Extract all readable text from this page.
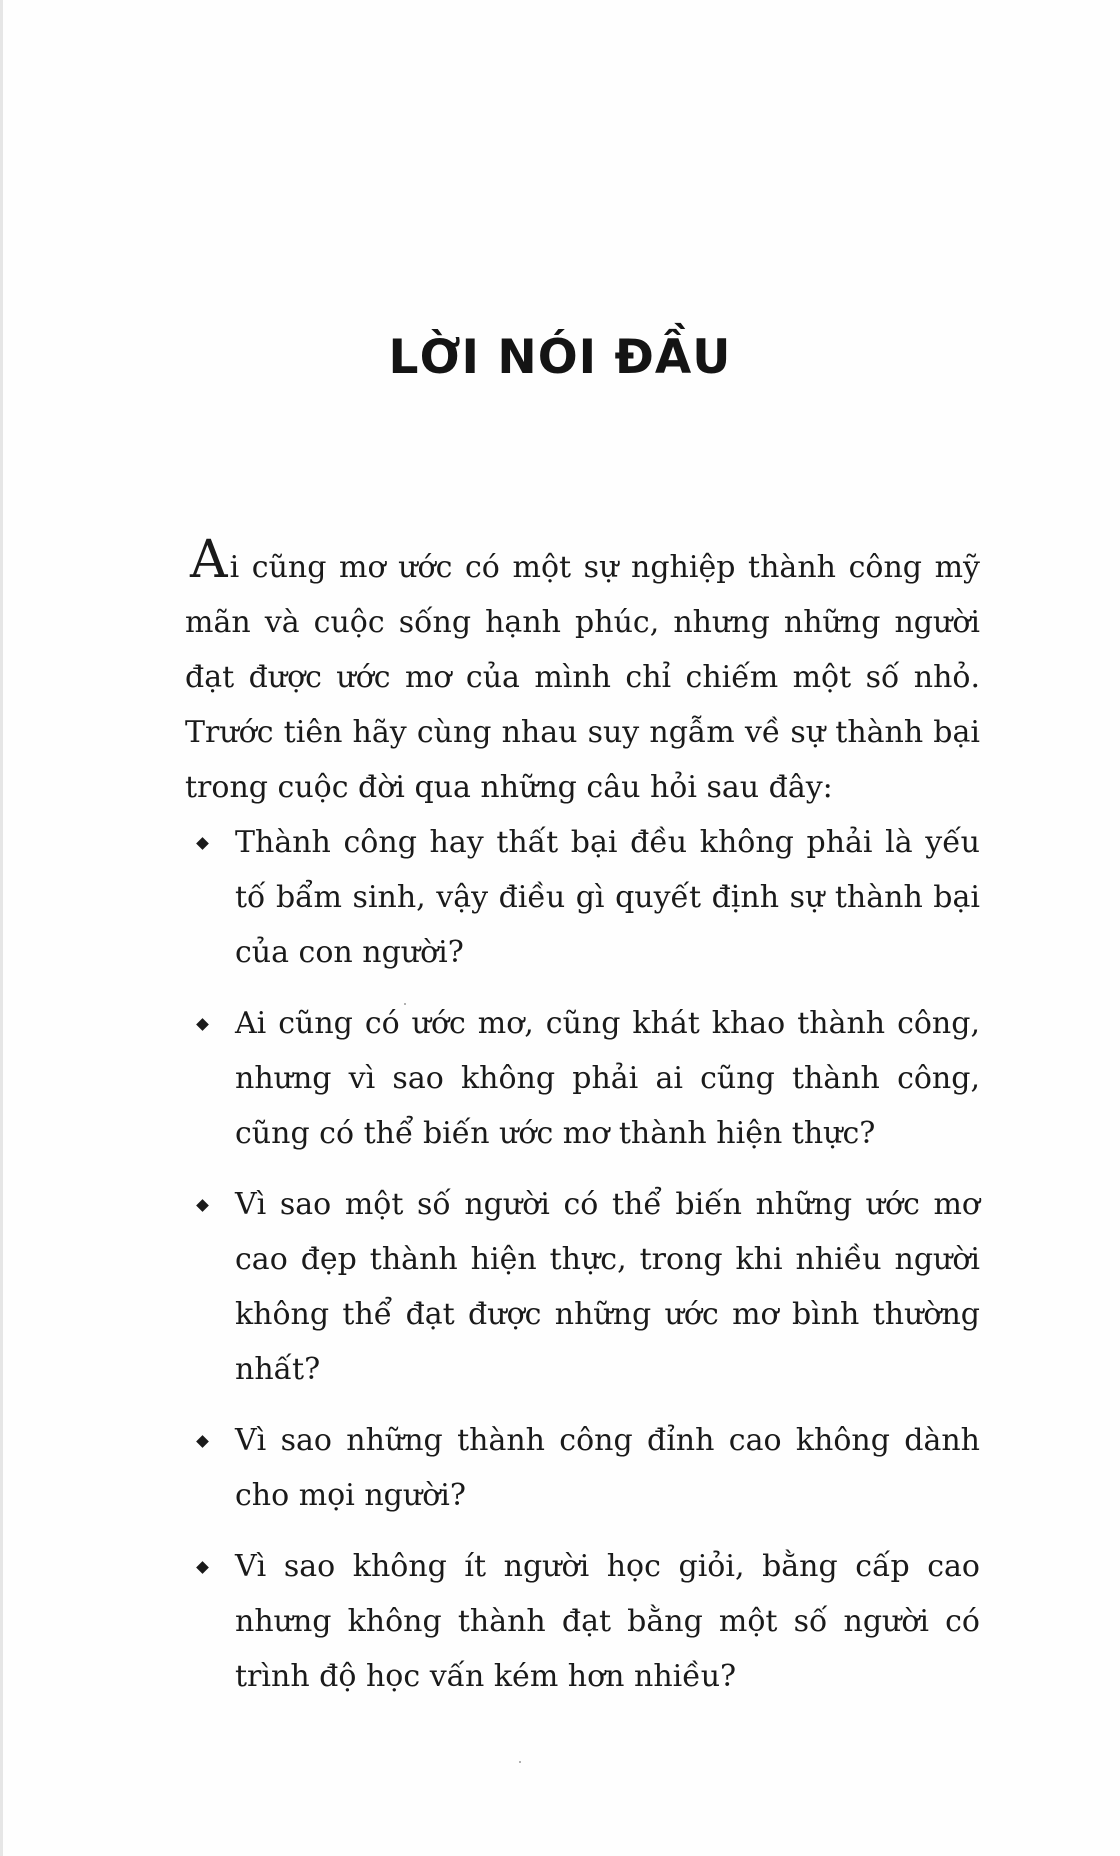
LỜI NÓI ĐẦU

Ai cũng mơ ước có một sự nghiệp thành công mỹ mãn và cuộc sống hạnh phúc, nhưng những người đạt được ước mơ của mình chỉ chiếm một số nhỏ. Trước tiên hãy cùng nhau suy ngẫm về sự thành bại trong cuộc đời qua những câu hỏi sau đây:

Thành công hay thất bại đều không phải là yếu tố bẩm sinh, vậy điều gì quyết định sự thành bại của con người?
Ai cũng có ước mơ, cũng khát khao thành công, nhưng vì sao không phải ai cũng thành công, cũng có thể biến ước mơ thành hiện thực?
Vì sao một số người có thể biến những ước mơ cao đẹp thành hiện thực, trong khi nhiều người không thể đạt được những ước mơ bình thường nhất?
Vì sao những thành công đỉnh cao không dành cho mọi người?
Vì sao không ít người học giỏi, bằng cấp cao nhưng không thành đạt bằng một số người có trình độ học vấn kém hơn nhiều?
